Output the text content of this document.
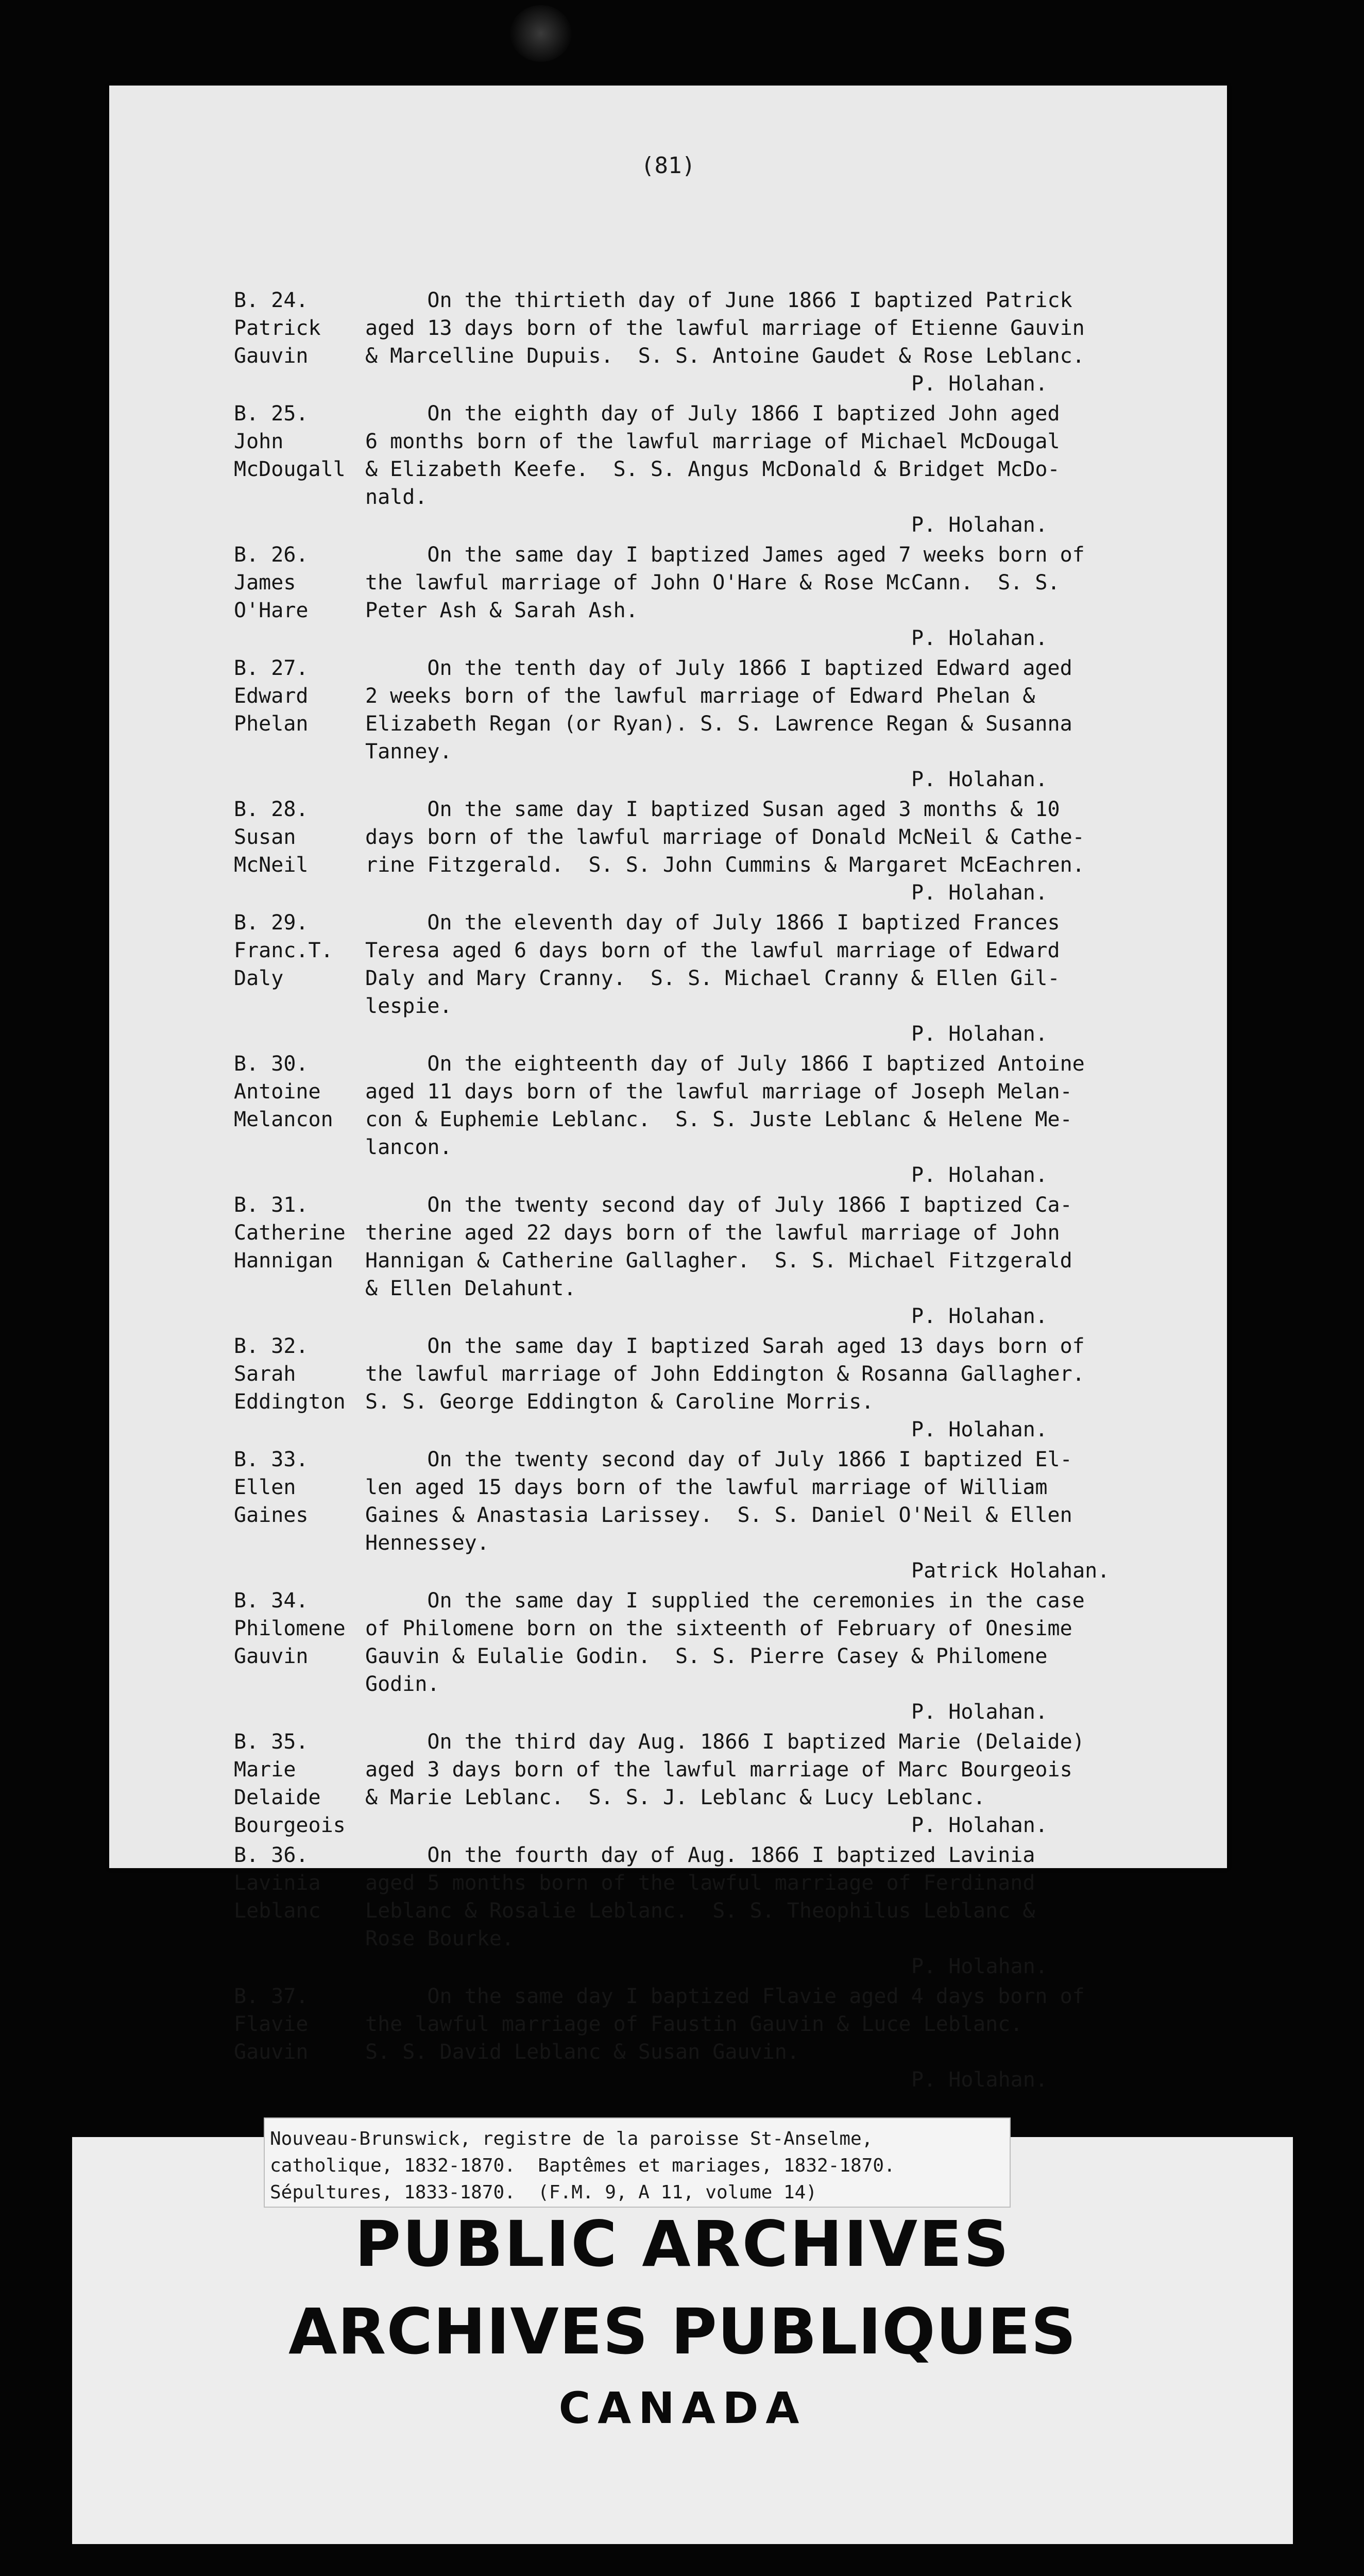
(81)
B. 24.
Patrick
Gauvin
On the thirtieth day of June 1866 I baptized Patrick
aged 13 days born of the lawful marriage of Etienne Gauvin
& Marcelline Dupuis.  S. S. Antoine Gaudet & Rose Leblanc.
P. Holahan.
B. 25.
John
McDougall
On the eighth day of July 1866 I baptized John aged
6 months born of the lawful marriage of Michael McDougal
& Elizabeth Keefe.  S. S. Angus McDonald & Bridget McDo-
nald.
P. Holahan.
B. 26.
James
O'Hare
On the same day I baptized James aged 7 weeks born of
the lawful marriage of John O'Hare & Rose McCann.  S. S.
Peter Ash & Sarah Ash.
P. Holahan.
B. 27.
Edward
Phelan
On the tenth day of July 1866 I baptized Edward aged
2 weeks born of the lawful marriage of Edward Phelan &
Elizabeth Regan (or Ryan). S. S. Lawrence Regan & Susanna
Tanney.
P. Holahan.
B. 28.
Susan
McNeil
On the same day I baptized Susan aged 3 months & 10
days born of the lawful marriage of Donald McNeil & Cathe-
rine Fitzgerald.  S. S. John Cummins & Margaret McEachren.
P. Holahan.
B. 29.
Franc.T.
Daly
On the eleventh day of July 1866 I baptized Frances
Teresa aged 6 days born of the lawful marriage of Edward
Daly and Mary Cranny.  S. S. Michael Cranny & Ellen Gil-
lespie.
P. Holahan.
B. 30.
Antoine
Melancon
On the eighteenth day of July 1866 I baptized Antoine
aged 11 days born of the lawful marriage of Joseph Melan-
con & Euphemie Leblanc.  S. S. Juste Leblanc & Helene Me-
lancon.
P. Holahan.
B. 31.
Catherine
Hannigan
On the twenty second day of July 1866 I baptized Ca-
therine aged 22 days born of the lawful marriage of John
Hannigan & Catherine Gallagher.  S. S. Michael Fitzgerald
& Ellen Delahunt.
P. Holahan.
B. 32.
Sarah
Eddington
On the same day I baptized Sarah aged 13 days born of
the lawful marriage of John Eddington & Rosanna Gallagher.
S. S. George Eddington & Caroline Morris.
P. Holahan.
B. 33.
Ellen
Gaines
On the twenty second day of July 1866 I baptized El-
len aged 15 days born of the lawful marriage of William
Gaines & Anastasia Larissey.  S. S. Daniel O'Neil & Ellen
Hennessey.
Patrick Holahan.
B. 34.
Philomene
Gauvin
On the same day I supplied the ceremonies in the case
of Philomene born on the sixteenth of February of Onesime
Gauvin & Eulalie Godin.  S. S. Pierre Casey & Philomene
Godin.
P. Holahan.
B. 35.
Marie
Delaide
Bourgeois
On the third day Aug. 1866 I baptized Marie (Delaide)
aged 3 days born of the lawful marriage of Marc Bourgeois
& Marie Leblanc.  S. S. J. Leblanc & Lucy Leblanc.
P. Holahan.
B. 36.
Lavinia
Leblanc
On the fourth day of Aug. 1866 I baptized Lavinia
aged 5 months born of the lawful marriage of Ferdinand
Leblanc & Rosalie Leblanc.  S. S. Theophilus Leblanc &
Rose Bourke.
P. Holahan.
B. 37.
Flavie
Gauvin
On the same day I baptized Flavie aged 4 days born of
the lawful marriage of Faustin Gauvin & Luce Leblanc.
S. S. David Leblanc & Susan Gauvin.
P. Holahan.
Nouveau-Brunswick, registre de la paroisse St-Anselme,
catholique, 1832-1870.  Baptêmes et mariages, 1832-1870.
Sépultures, 1833-1870.  (F.M. 9, A 11, volume 14)
PUBLIC ARCHIVES
ARCHIVES PUBLIQUES
CANADA
